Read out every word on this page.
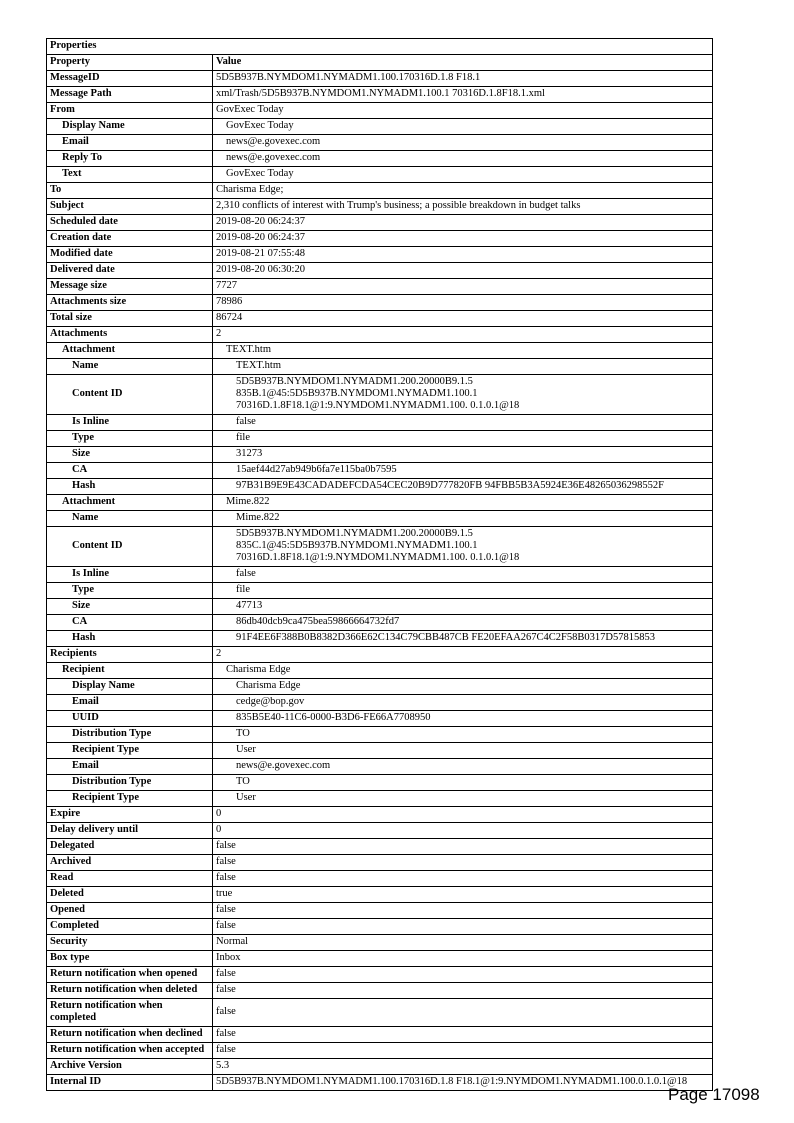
Properties	
Property	Value
MessageID	5D5B937B.NYMDOM1.NYMADM1.100.170316D.1.8 F18.1
Message Path	xml/Trash/5D5B937B.NYMDOM1.NYMADM1.100.1 70316D.1.8F18.1.xml
From	GovExec Today
Display Name	GovExec Today
Email	news@e.govexec.com
Reply To	news@e.govexec.com
Text	GovExec Today
To	Charisma Edge;
Subject	2,310 conflicts of interest with Trump's business; a possible breakdown in budget talks
Scheduled date	2019-08-20 06:24:37
Creation date	2019-08-20 06:24:37
Modified date	2019-08-21 07:55:48
Delivered date	2019-08-20 06:30:20
Message size	7727
Attachments size	78986
Total size	86724
Attachments	2
Attachment	TEXT.htm
Name	TEXT.htm
Content ID	5D5B937B.NYMDOM1.NYMADM1.200.20000B9.1.5
835B.1@45:5D5B937B.NYMDOM1.NYMADM1.100.1
70316D.1.8F18.1@1:9.NYMDOM1.NYMADM1.100. 0.1.0.1@18
Is Inline	false
Type	file
Size	31273
CA	15aef44d27ab949b6fa7e115ba0b7595
Hash	97B31B9E9E43CADADEFCDA54CEC20B9D777820FB 94FBB5B3A5924E36E48265036298552F
Attachment	Mime.822
Name	Mime.822
Content ID	5D5B937B.NYMDOM1.NYMADM1.200.20000B9.1.5
835C.1@45:5D5B937B.NYMDOM1.NYMADM1.100.1
70316D.1.8F18.1@1:9.NYMDOM1.NYMADM1.100. 0.1.0.1@18
Is Inline	false
Type	file
Size	47713
CA	86db40dcb9ca475bea59866664732fd7
Hash	91F4EE6F388B0B8382D366E62C134C79CBB487CB FE20EFAA267C4C2F58B0317D57815853
Recipients	2
Recipient	Charisma Edge
Display Name	Charisma Edge
Email	cedge@bop.gov
UUID	835B5E40-11C6-0000-B3D6-FE66A7708950
Distribution Type	TO
Recipient Type	User
Email	news@e.govexec.com
Distribution Type	TO
Recipient Type	User
Expire	0
Delay delivery until	0
Delegated	false
Archived	false
Read	false
Deleted	true
Opened	false
Completed	false
Security	Normal
Box type	Inbox
Return notification when opened	false
Return notification when deleted	false
Return notification when completed	false
Return notification when declined	false
Return notification when accepted	false
Archive Version	5.3
Internal ID	5D5B937B.NYMDOM1.NYMADM1.100.170316D.1.8 F18.1@1:9.NYMDOM1.NYMADM1.100.0.1.0.1@18
Page 17098
